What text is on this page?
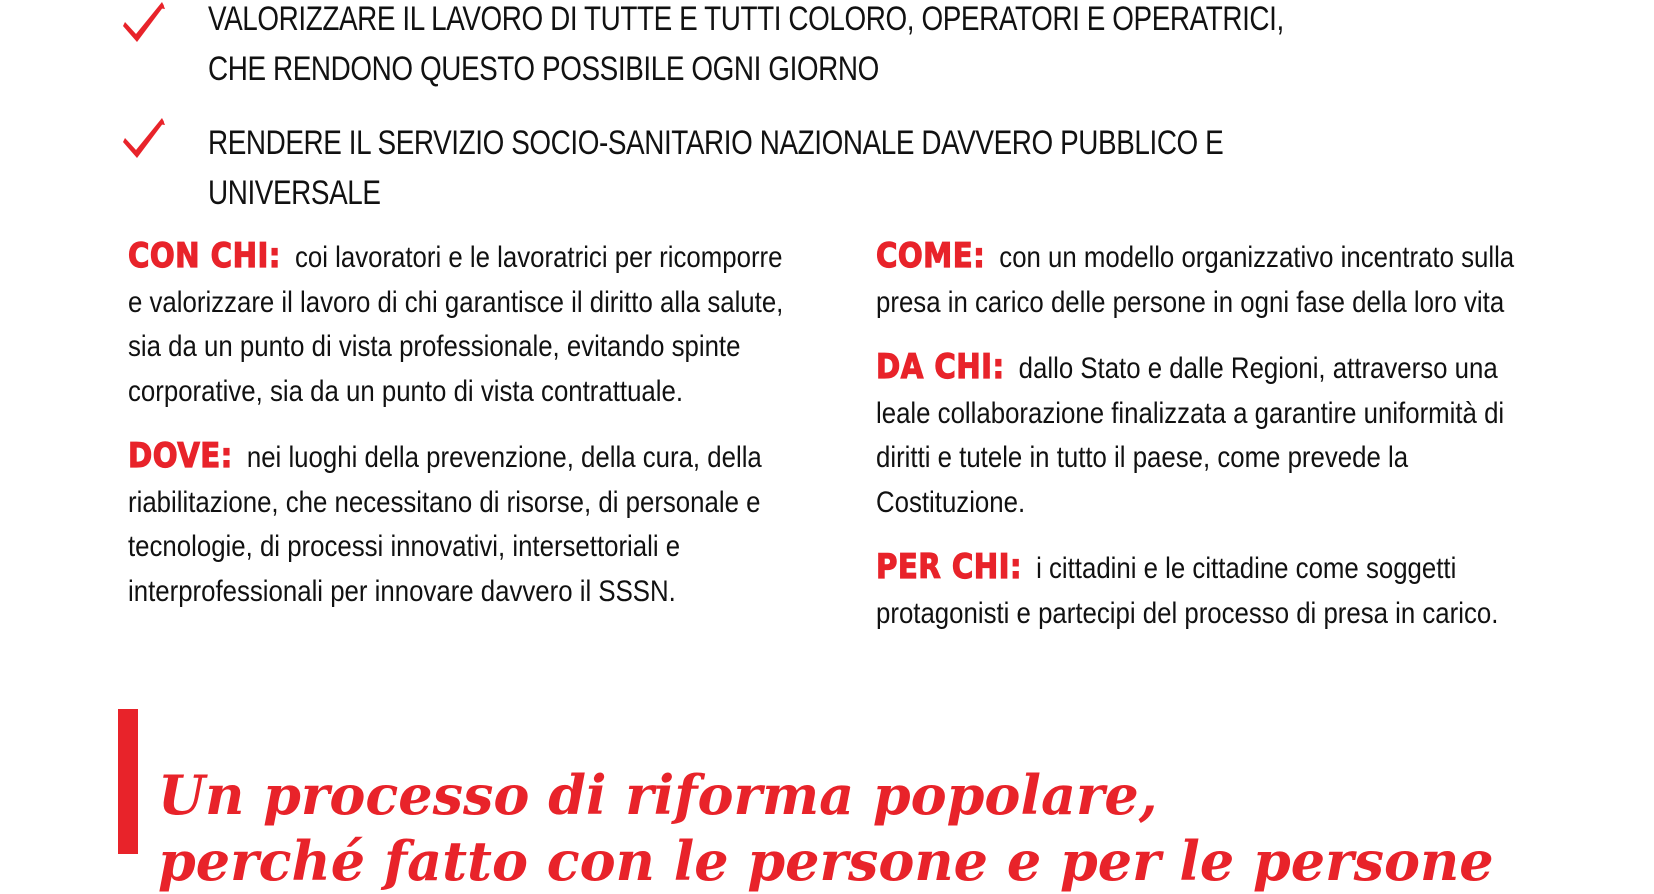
VALORIZZARE IL LAVORO DI TUTTE E TUTTI COLORO, OPERATORI E OPERATRICI, CHE RENDONO QUESTO POSSIBILE OGNI GIORNO
RENDERE IL SERVIZIO SOCIO-SANITARIO NAZIONALE DAVVERO PUBBLICO E UNIVERSALE

CON CHI: coi lavoratori e le lavoratrici per ricomporre e valorizzare il lavoro di chi garantisce il diritto alla salute, sia da un punto di vista professionale, evitando spinte corporative, sia da un punto di vista contrattuale.

DOVE: nei luoghi della prevenzione, della cura, della riabilitazione, che necessitano di risorse, di personale e tecnologie, di processi innovativi, intersettoriali e interprofessionali per innovare davvero il SSSN.

COME: con un modello organizzativo incentrato sulla presa in carico delle persone in ogni fase della loro vita

DA CHI: dallo Stato e dalle Regioni, attraverso una leale collaborazione finalizzata a garantire uniformità di diritti e tutele in tutto il paese, come prevede la Costituzione.

PER CHI: i cittadini e le cittadine come soggetti protagonisti e partecipi del processo di presa in carico.

Un processo di riforma popolare,
perché fatto con le persone e per le persone
